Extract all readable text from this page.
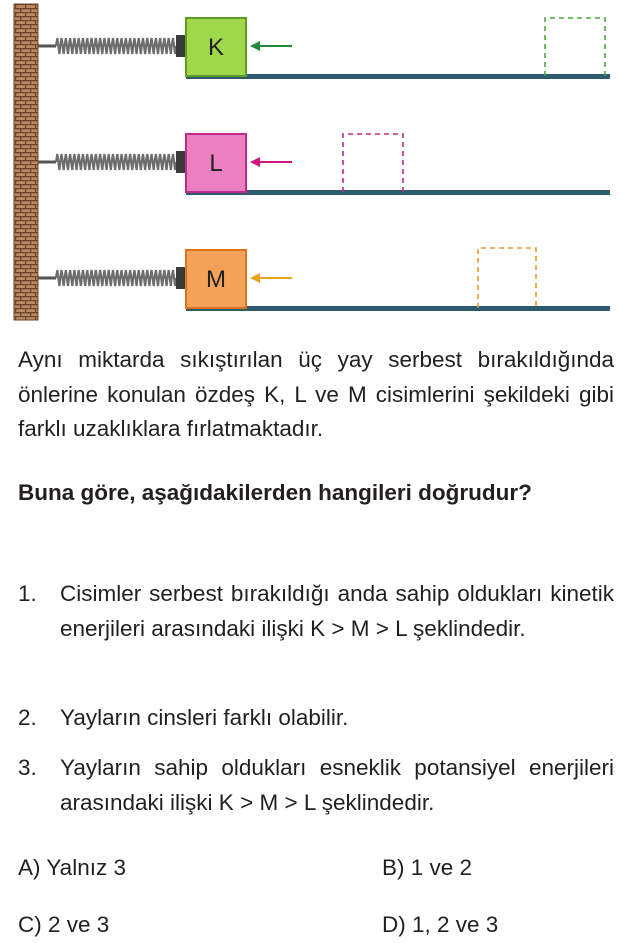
K
L
M

Aynı miktarda sıkıştırılan üç yay serbest bırakıldığında önlerine konulan özdeş K, L ve M cisimlerini şekildeki gibi farklı uzaklıklara fırlatmaktadır.

Buna göre, aşağıdakilerden hangileri doğrudur?

1. Cisimler serbest bırakıldığı anda sahip oldukları kinetik enerjileri arasındaki ilişki K > M > L şeklindedir.
2. Yayların cinsleri farklı olabilir.
3. Yayların sahip oldukları esneklik potansiyel enerjileri arasındaki ilişki K > M > L şeklindedir.
A) Yalnız 3	B) 1 ve 2
C) 2 ve 3	D) 1, 2 ve 3
